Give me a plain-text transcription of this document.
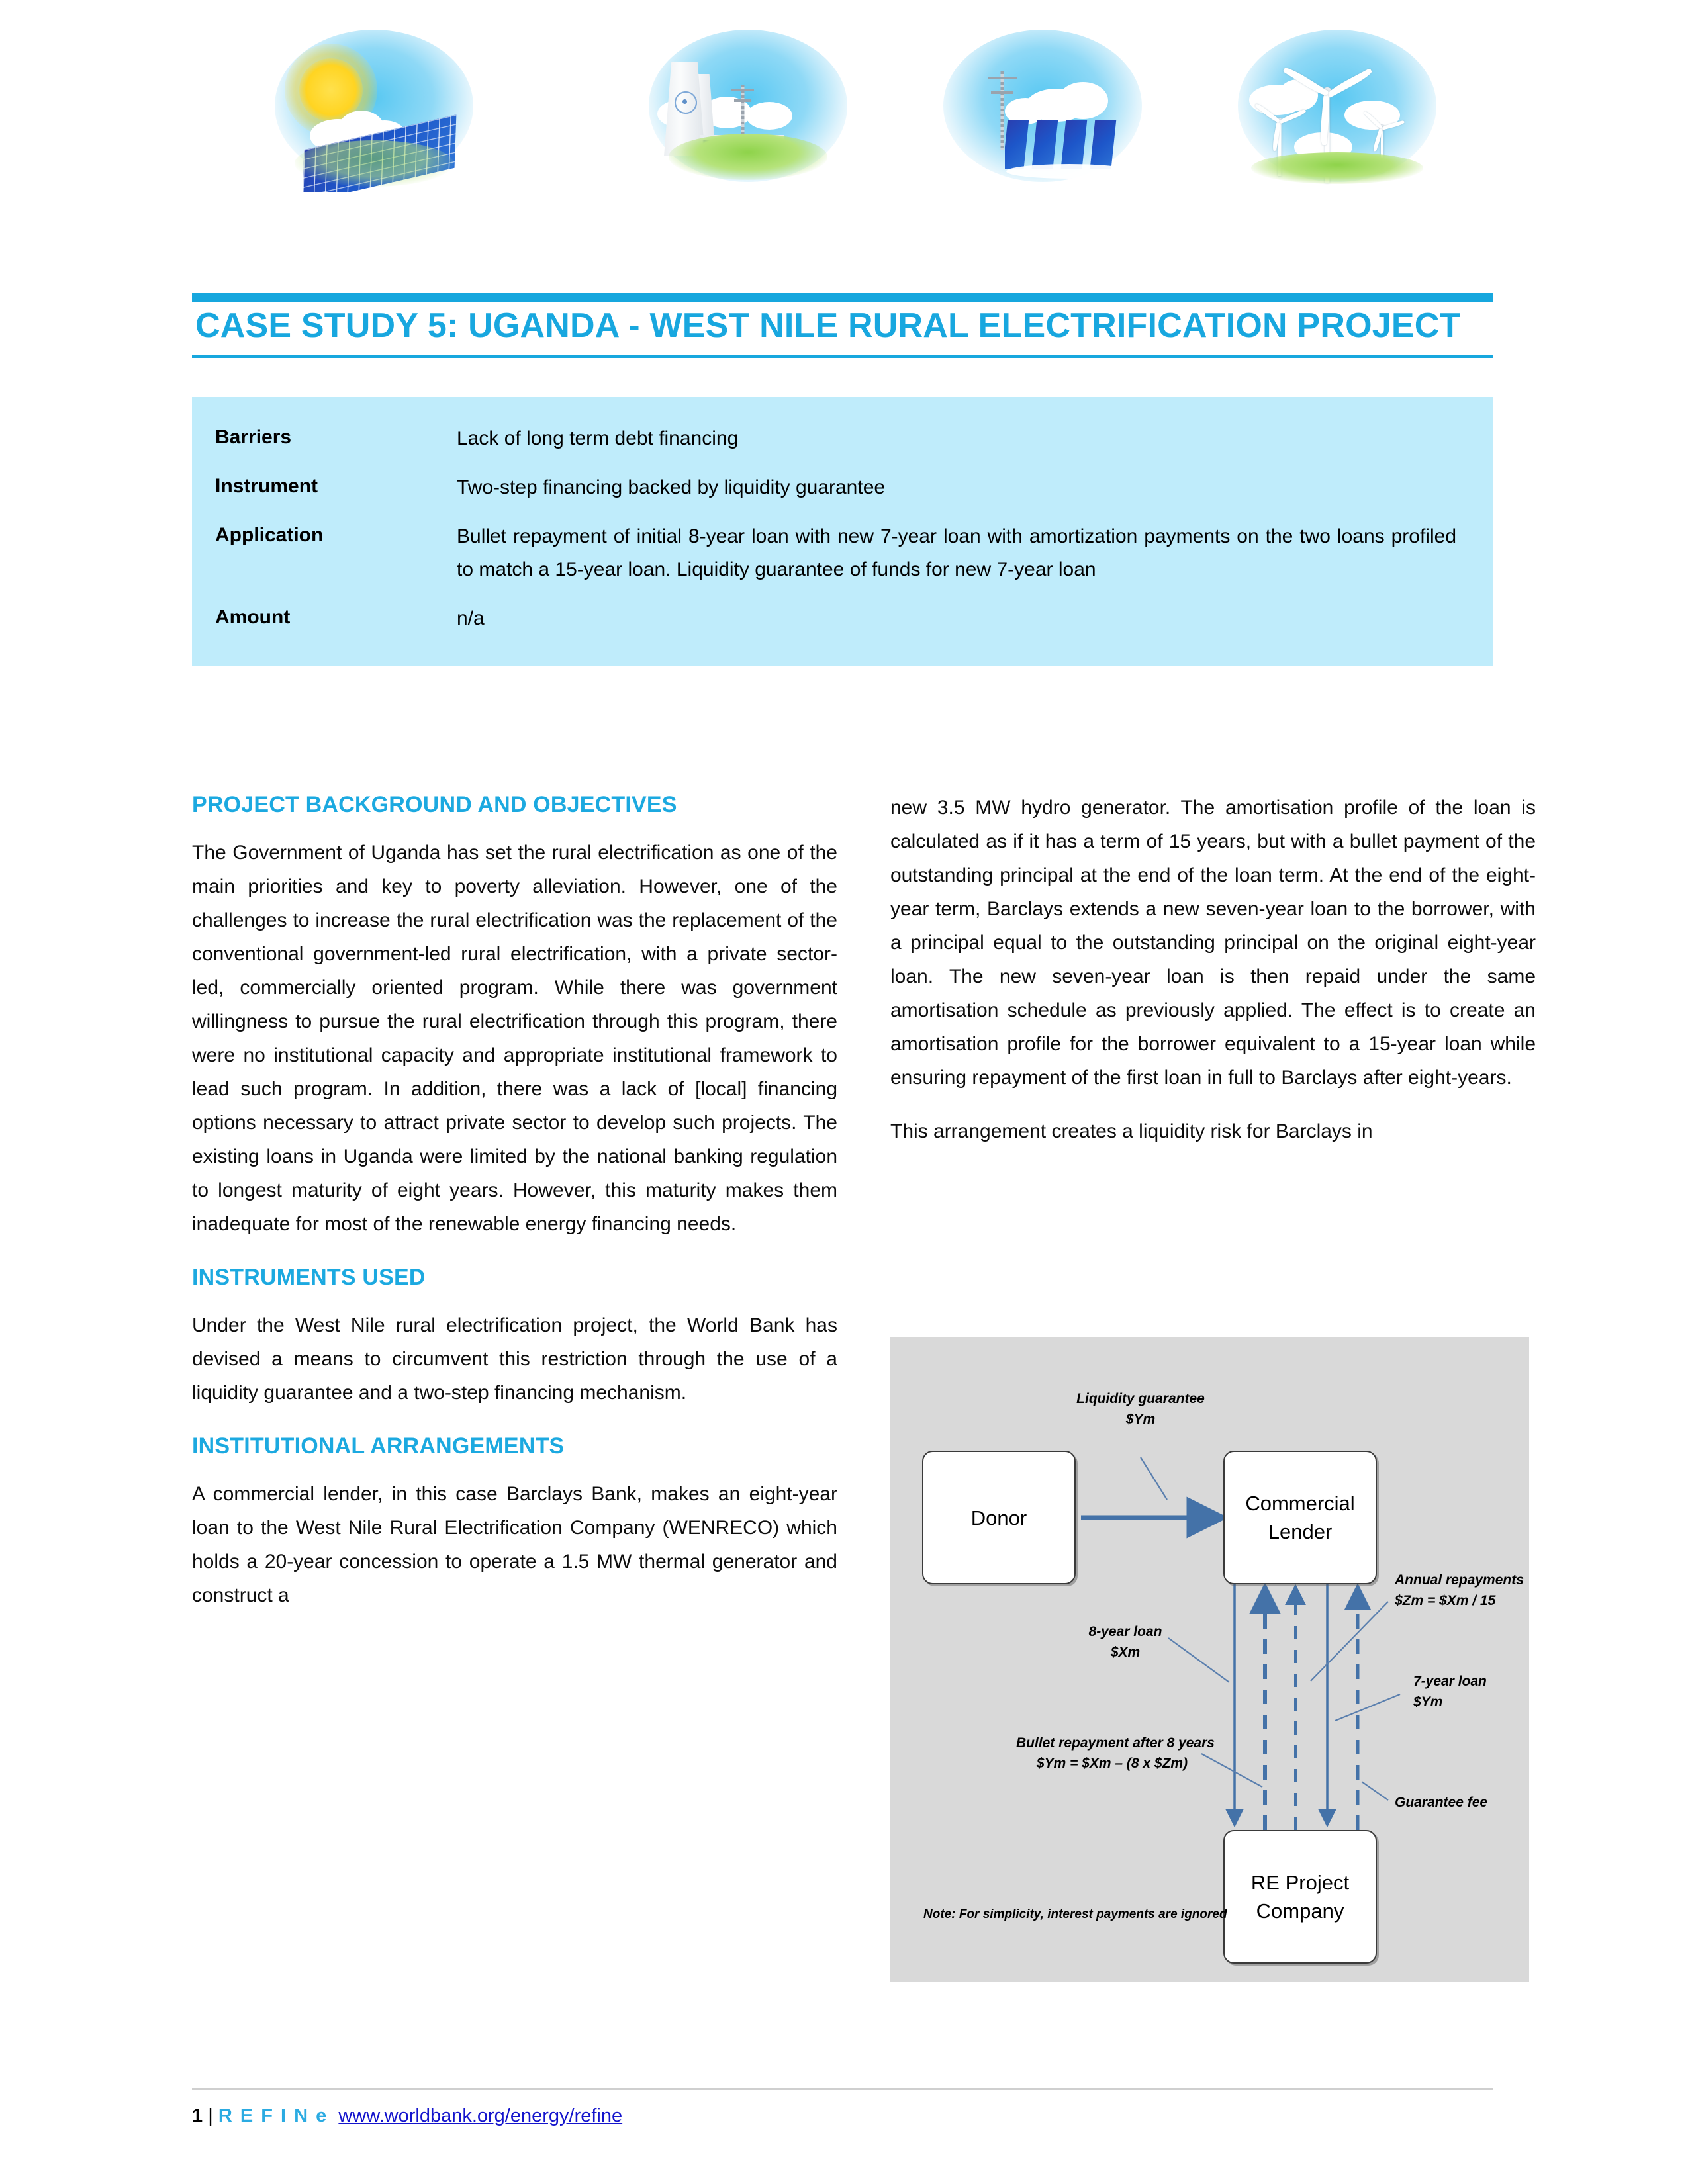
CASE STUDY 5: UGANDA - WEST NILE RURAL ELECTRIFICATION PROJECT
Barriers	Lack of long term debt financing
Instrument	Two-step financing backed by liquidity guarantee
Application	Bullet repayment of initial 8-year loan with new 7-year loan with amortization payments on the two loans profiled to match a 15-year loan. Liquidity guarantee of funds for new 7-year loan
Amount	n/a
PROJECT BACKGROUND AND OBJECTIVES

The Government of Uganda has set the rural electrification as one of the main priorities and key to poverty alleviation. However, one of the challenges to increase the rural electrification was the replacement of the conventional government-led rural electrification, with a private sector-led, commercially oriented program. While there was government willingness to pursue the rural electrification through this program, there were no institutional capacity and appropriate institutional framework to lead such program. In addition, there was a lack of [local] financing options necessary to attract private sector to develop such projects. The existing loans in Uganda were limited by the national banking regulation to longest maturity of eight years. However, this maturity makes them inadequate for most of the renewable energy financing needs.

INSTRUMENTS USED

Under the West Nile rural electrification project, the World Bank has devised a means to circumvent this restriction through the use of a liquidity guarantee and a two-step financing mechanism.

INSTITUTIONAL ARRANGEMENTS

A commercial lender, in this case Barclays Bank, makes an eight-year loan to the West Nile Rural Electrification Company (WENRECO) which holds a 20-year concession to operate a 1.5 MW thermal generator and construct a

new 3.5 MW hydro generator. The amortisation profile of the loan is calculated as if it has a term of 15 years, but with a bullet payment of the outstanding principal at the end of the loan term. At the end of the eight-year term, Barclays extends a new seven-year loan to the borrower, with a principal equal to the outstanding principal on the original eight-year loan. The new seven-year loan is then repaid under the same amortisation schedule as previously applied. The effect is to create an amortisation profile for the borrower equivalent to a 15-year loan while ensuring repayment of the first loan in full to Barclays after eight-years.

This arrangement creates a liquidity risk for Barclays in

Donor
Commercial
Lender
RE Project
Company
Liquidity guarantee
$Ym
Annual repayments
$Zm = $Xm / 15
8-year loan
$Xm
7-year loan
$Ym
Bullet repayment after 8 years
$Ym = $Xm – (8 x $Zm)
Guarantee fee
Note: For simplicity, interest payments are ignored
1 | R E F I N e www.worldbank.org/energy/refine
